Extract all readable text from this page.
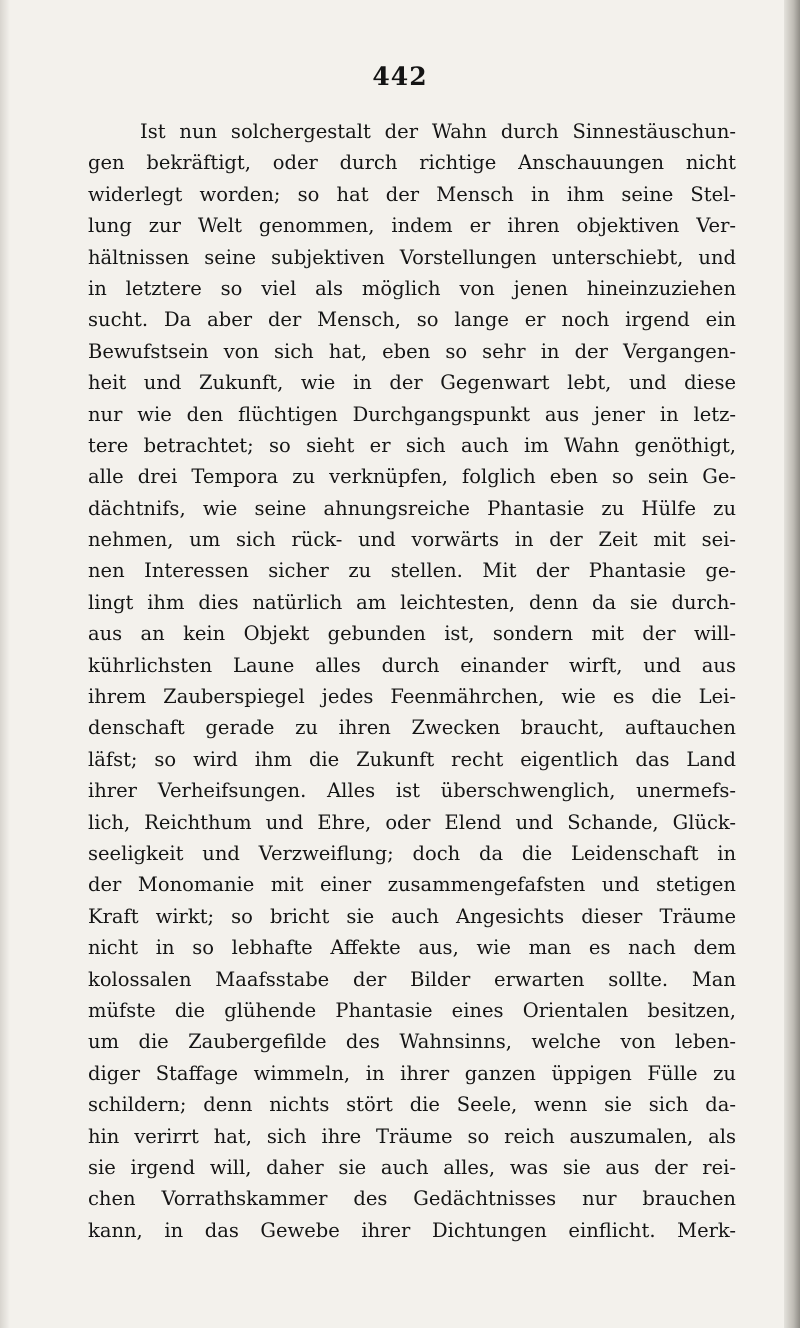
442
Ist nun solchergestalt der Wahn durch Sinnestäuschun-
gen bekräftigt, oder durch richtige Anschauungen nicht
widerlegt worden; so hat der Mensch in ihm seine Stel-
lung zur Welt genommen, indem er ihren objektiven Ver-
hältnissen seine subjektiven Vorstellungen unterschiebt, und
in letztere so viel als möglich von jenen hineinzuziehen
sucht. Da aber der Mensch, so lange er noch irgend ein
Bewufstsein von sich hat, eben so sehr in der Vergangen-
heit und Zukunft, wie in der Gegenwart lebt, und diese
nur wie den flüchtigen Durchgangspunkt aus jener in letz-
tere betrachtet; so sieht er sich auch im Wahn genöthigt,
alle drei Tempora zu verknüpfen, folglich eben so sein Ge-
dächtnifs, wie seine ahnungsreiche Phantasie zu Hülfe zu
nehmen, um sich rück- und vorwärts in der Zeit mit sei-
nen Interessen sicher zu stellen. Mit der Phantasie ge-
lingt ihm dies natürlich am leichtesten, denn da sie durch-
aus an kein Objekt gebunden ist, sondern mit der will-
kührlichsten Laune alles durch einander wirft, und aus
ihrem Zauberspiegel jedes Feenmährchen, wie es die Lei-
denschaft gerade zu ihren Zwecken braucht, auftauchen
läfst; so wird ihm die Zukunft recht eigentlich das Land
ihrer Verheifsungen. Alles ist überschwenglich, unermefs-
lich, Reichthum und Ehre, oder Elend und Schande, Glück-
seeligkeit und Verzweiflung; doch da die Leidenschaft in
der Monomanie mit einer zusammengefafsten und stetigen
Kraft wirkt; so bricht sie auch Angesichts dieser Träume
nicht in so lebhafte Affekte aus, wie man es nach dem
kolossalen Maafsstabe der Bilder erwarten sollte. Man
müfste die glühende Phantasie eines Orientalen besitzen,
um die Zaubergefilde des Wahnsinns, welche von leben-
diger Staffage wimmeln, in ihrer ganzen üppigen Fülle zu
schildern; denn nichts stört die Seele, wenn sie sich da-
hin verirrt hat, sich ihre Träume so reich auszumalen, als
sie irgend will, daher sie auch alles, was sie aus der rei-
chen Vorrathskammer des Gedächtnisses nur brauchen
kann, in das Gewebe ihrer Dichtungen einflicht. Merk-
